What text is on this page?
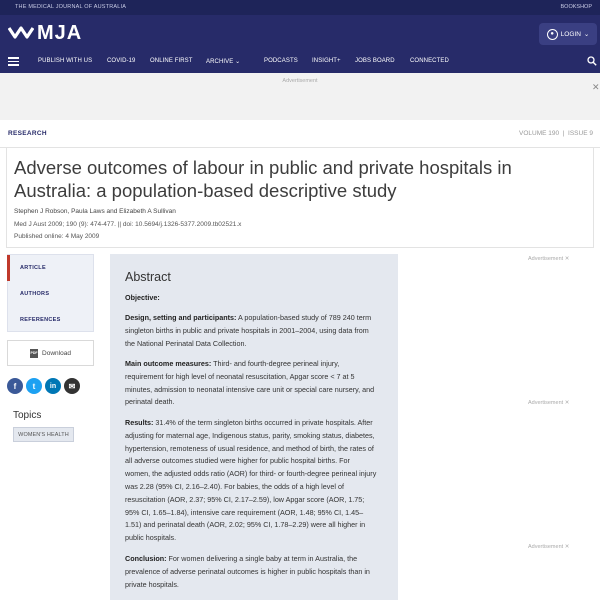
THE MEDICAL JOURNAL OF AUSTRALIA	BOOKSHOP
MJA	●	LOGIN ⌄
PUBLISH WITH US COVID-19 ONLINE FIRST ARCHIVE ⌄	PODCASTS INSIGHT+ JOBS BOARD	CONNECTED
Advertisement
✕
RESEARCH	VOLUME 190  |  ISSUE 9
Adverse outcomes of labour in public and private hospitals in Australia: a population-based descriptive study
Stephen J Robson, Paula Laws and Elizabeth A Sullivan
Med J Aust 2009; 190 (9): 474-477. || doi: 10.5694/j.1326-5377.2009.tb02521.x
Published online: 4 May 2009
ARTICLE
AUTHORS
REFERENCES
PDF Download
f	t	in	✉
Topics
WOMEN'S HEALTH
Abstract
Objective:
Design, setting and participants: A population-based study of 789 240 term singleton births in public and private hospitals in 2001–2004, using data from the National Perinatal Data Collection.
Main outcome measures: Third- and fourth-degree perineal injury, requirement for high level of neonatal resuscitation, Apgar score < 7 at 5 minutes, admission to neonatal intensive care unit or special care nursery, and perinatal death.
Results: 31.4% of the term singleton births occurred in private hospitals. After adjusting for maternal age, Indigenous status, parity, smoking status, diabetes, hypertension, remoteness of usual residence, and method of birth, the rates of all adverse outcomes studied were higher for public hospital births. For women, the adjusted odds ratio (AOR) for third- or fourth-degree perineal injury was 2.28 (95% CI, 2.16–2.40). For babies, the odds of a high level of resuscitation (AOR, 2.37; 95% CI, 2.17–2.59), low Apgar score (AOR, 1.75; 95% CI, 1.65–1.84), intensive care requirement (AOR, 1.48; 95% CI, 1.45–1.51) and perinatal death (AOR, 2.02; 95% CI, 1.78–2.29) were all higher in public hospitals.
Conclusion: For women delivering a single baby at term in Australia, the prevalence of adverse perinatal outcomes is higher in public hospitals than in private hospitals.
Advertisement ✕
Advertisement ✕
Advertisement ✕
